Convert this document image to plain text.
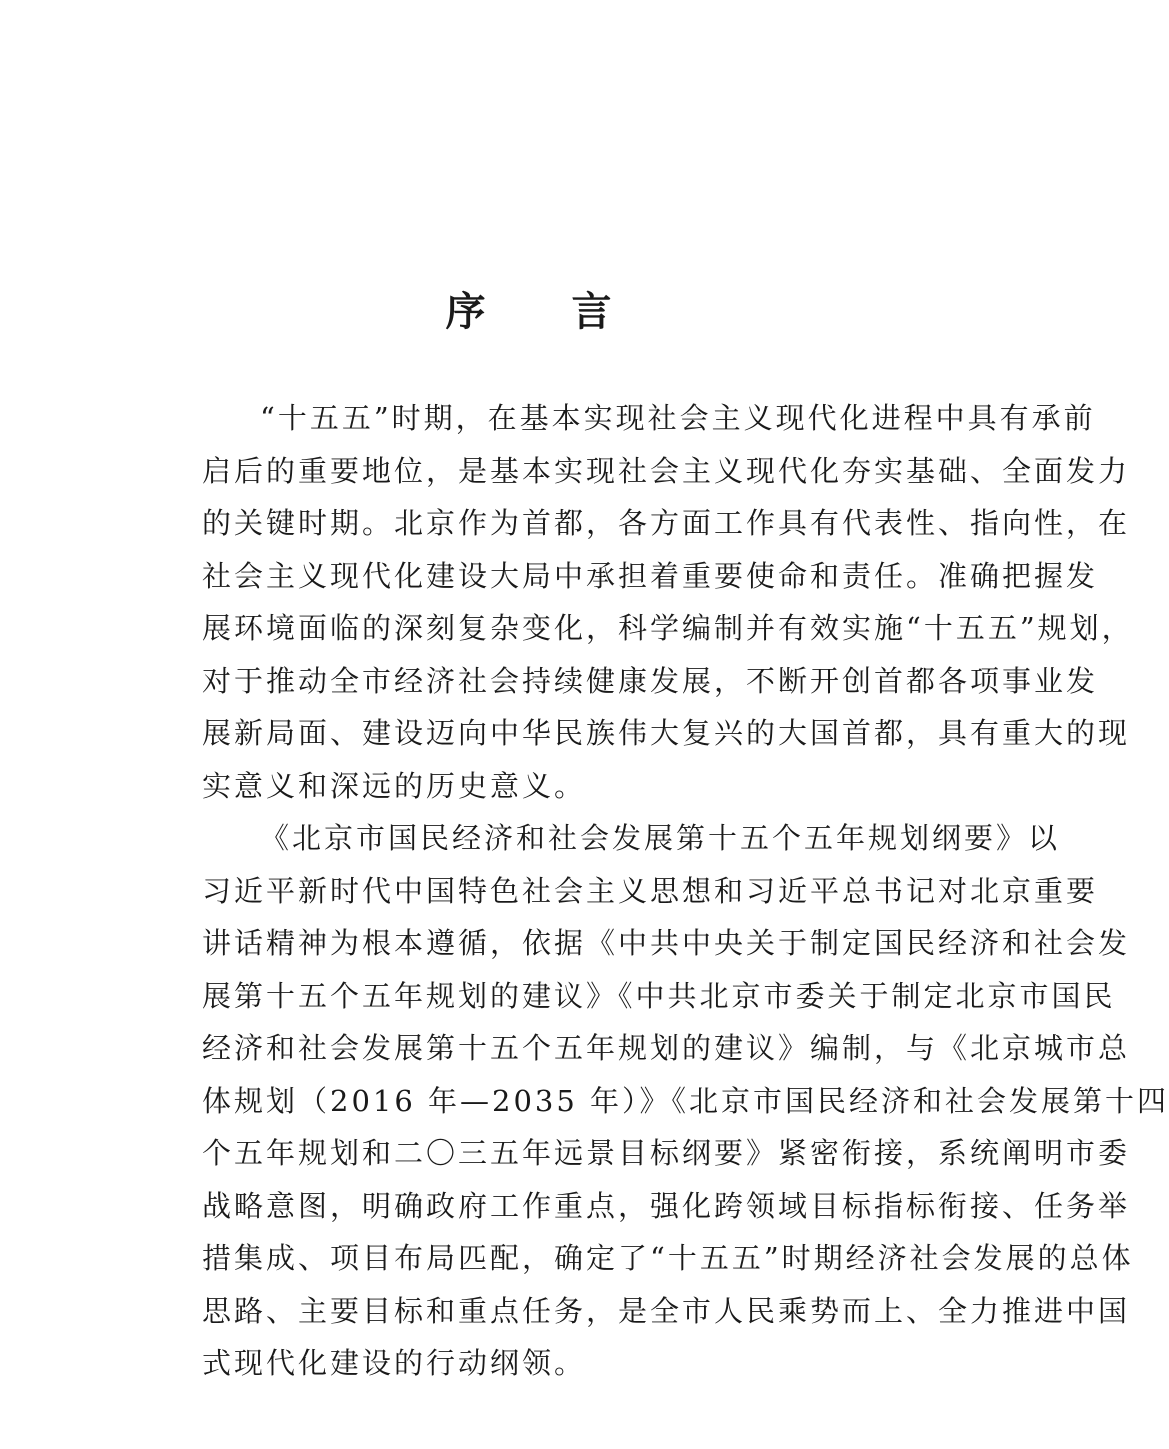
序 言
“十五五”时期，在基本实现社会主义现代化进程中具有承前
启后的重要地位，是基本实现社会主义现代化夯实基础、全面发力
的关键时期。北京作为首都，各方面工作具有代表性、指向性，在
社会主义现代化建设大局中承担着重要使命和责任。准确把握发
展环境面临的深刻复杂变化，科学编制并有效实施“十五五”规划，
对于推动全市经济社会持续健康发展，不断开创首都各项事业发
展新局面、建设迈向中华民族伟大复兴的大国首都，具有重大的现
实意义和深远的历史意义。
《北京市国民经济和社会发展第十五个五年规划纲要》以
习近平新时代中国特色社会主义思想和习近平总书记对北京重要
讲话精神为根本遵循，依据《中共中央关于制定国民经济和社会发
展第十五个五年规划的建议》《中共北京市委关于制定北京市国民
经济和社会发展第十五个五年规划的建议》编制，与《北京城市总
体规划（2016 年—2035 年）》《北京市国民经济和社会发展第十四
个五年规划和二〇三五年远景目标纲要》紧密衔接，系统阐明市委
战略意图，明确政府工作重点，强化跨领域目标指标衔接、任务举
措集成、项目布局匹配，确定了“十五五”时期经济社会发展的总体
思路、主要目标和重点任务，是全市人民乘势而上、全力推进中国
式现代化建设的行动纲领。
